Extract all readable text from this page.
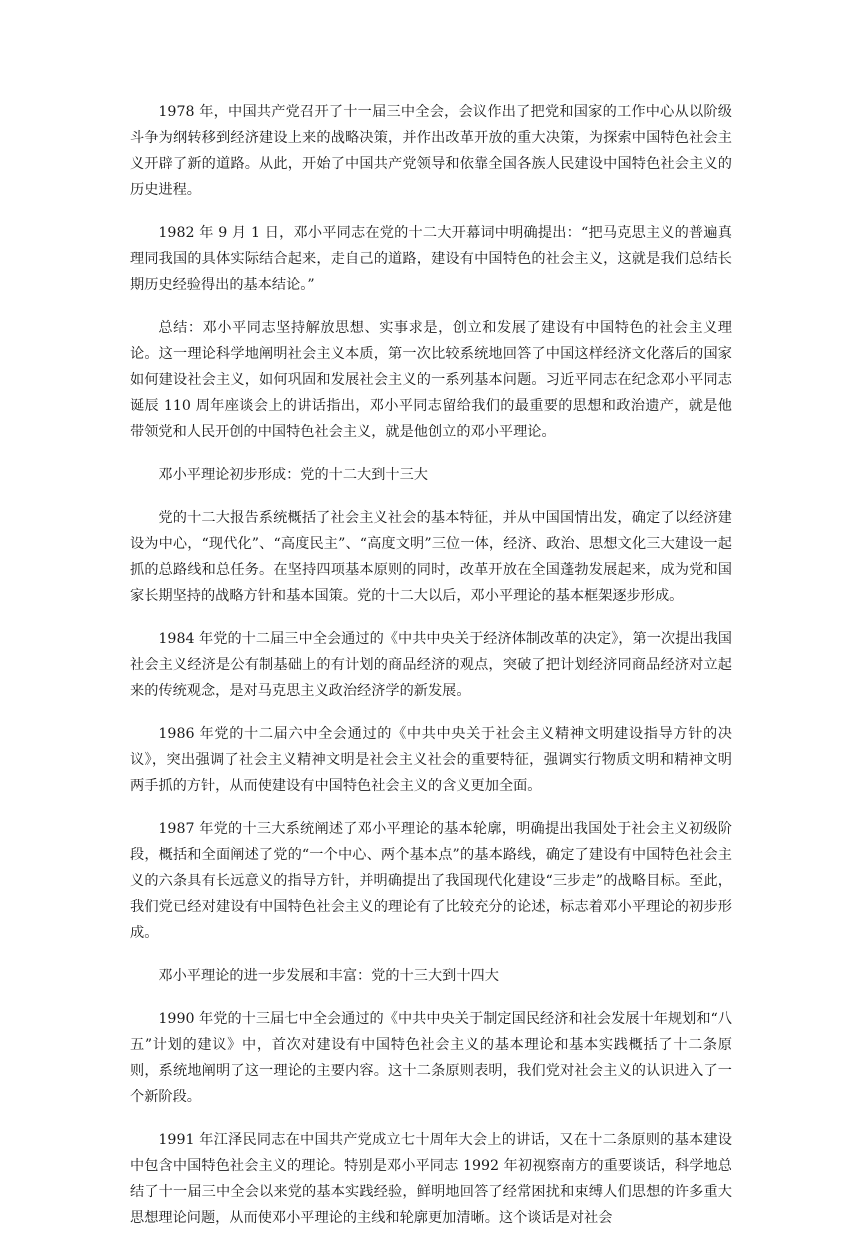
1978 年，中国共产党召开了十一届三中全会，会议作出了把党和国家的工作中心从以阶级斗争为纲转移到经济建设上来的战略决策，并作出改革开放的重大决策，为探索中国特色社会主义开辟了新的道路。从此，开始了中国共产党领导和依靠全国各族人民建设中国特色社会主义的历史进程。

1982 年 9 月 1 日，邓小平同志在党的十二大开幕词中明确提出：“把马克思主义的普遍真理同我国的具体实际结合起来，走自己的道路，建设有中国特色的社会主义，这就是我们总结长期历史经验得出的基本结论。”

总结：邓小平同志坚持解放思想、实事求是，创立和发展了建设有中国特色的社会主义理论。这一理论科学地阐明社会主义本质，第一次比较系统地回答了中国这样经济文化落后的国家如何建设社会主义，如何巩固和发展社会主义的一系列基本问题。习近平同志在纪念邓小平同志诞辰 110 周年座谈会上的讲话指出，邓小平同志留给我们的最重要的思想和政治遗产，就是他带领党和人民开创的中国特色社会主义，就是他创立的邓小平理论。

邓小平理论初步形成：党的十二大到十三大

党的十二大报告系统概括了社会主义社会的基本特征，并从中国国情出发，确定了以经济建设为中心，“现代化”、“高度民主”、“高度文明”三位一体，经济、政治、思想文化三大建设一起抓的总路线和总任务。在坚持四项基本原则的同时，改革开放在全国蓬勃发展起来，成为党和国家长期坚持的战略方针和基本国策。党的十二大以后，邓小平理论的基本框架逐步形成。

1984 年党的十二届三中全会通过的《中共中央关于经济体制改革的决定》，第一次提出我国社会主义经济是公有制基础上的有计划的商品经济的观点，突破了把计划经济同商品经济对立起来的传统观念，是对马克思主义政治经济学的新发展。

1986 年党的十二届六中全会通过的《中共中央关于社会主义精神文明建设指导方针的决议》，突出强调了社会主义精神文明是社会主义社会的重要特征，强调实行物质文明和精神文明两手抓的方针，从而使建设有中国特色社会主义的含义更加全面。

1987 年党的十三大系统阐述了邓小平理论的基本轮廓，明确提出我国处于社会主义初级阶段，概括和全面阐述了党的“一个中心、两个基本点”的基本路线，确定了建设有中国特色社会主义的六条具有长远意义的指导方针，并明确提出了我国现代化建设“三步走”的战略目标。至此，我们党已经对建设有中国特色社会主义的理论有了比较充分的论述，标志着邓小平理论的初步形成。

邓小平理论的进一步发展和丰富：党的十三大到十四大

1990 年党的十三届七中全会通过的《中共中央关于制定国民经济和社会发展十年规划和“八五”计划的建议》中，首次对建设有中国特色社会主义的基本理论和基本实践概括了十二条原则，系统地阐明了这一理论的主要内容。这十二条原则表明，我们党对社会主义的认识进入了一个新阶段。

1991 年江泽民同志在中国共产党成立七十周年大会上的讲话，又在十二条原则的基本建设中包含中国特色社会主义的理论。特别是邓小平同志 1992 年初视察南方的重要谈话，科学地总结了十一届三中全会以来党的基本实践经验，鲜明地回答了经常困扰和束缚人们思想的许多重大思想理论问题，从而使邓小平理论的主线和轮廓更加清晰。这个谈话是对社会
